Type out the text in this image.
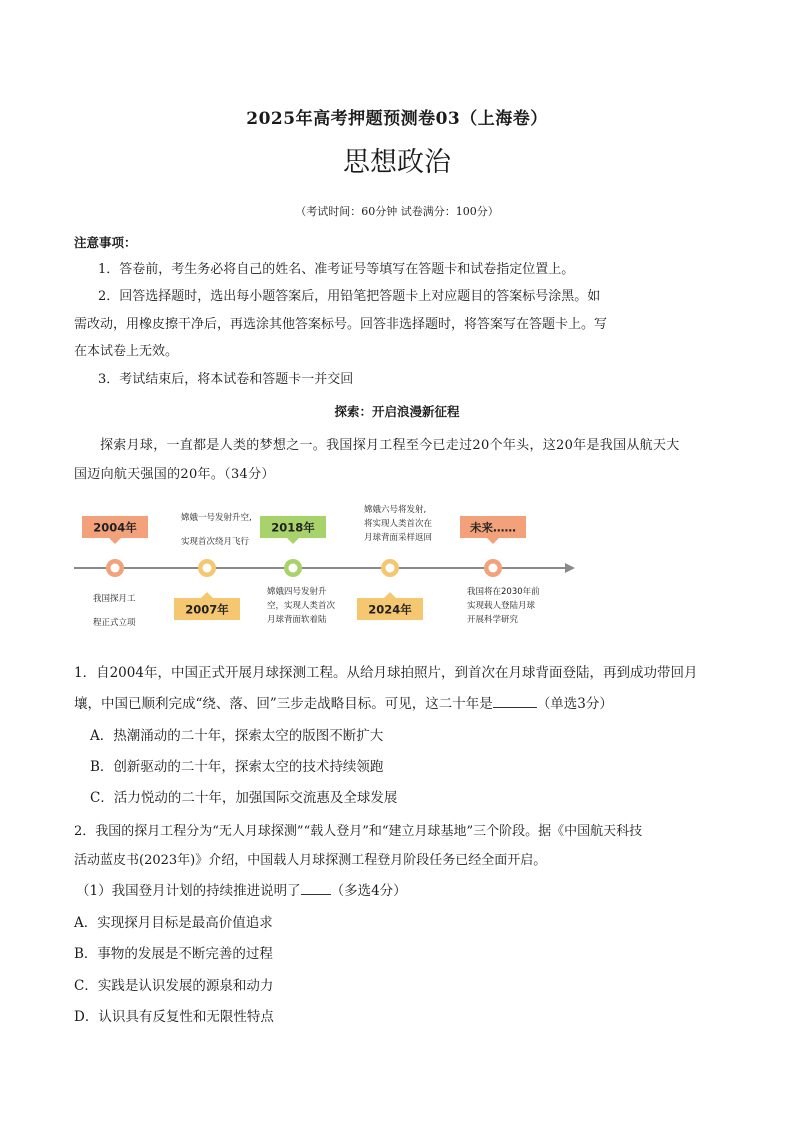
2025年高考押题预测卷03（上海卷）
思想政治
（考试时间：60分钟 试卷满分：100分）
注意事项：
1．答卷前，考生务必将自己的姓名、准考证号等填写在答题卡和试卷指定位置上。
2．回答选择题时，选出每小题答案后，用铅笔把答题卡上对应题目的答案标号涂黑。如
需改动，用橡皮擦干净后，再选涂其他答案标号。回答非选择题时，将答案写在答题卡上。写
在本试卷上无效。
3．考试结束后，将本试卷和答题卡一并交回
探索：开启浪漫新征程
探索月球，一直都是人类的梦想之一。我国探月工程至今已走过20个年头，这20年是我国从航天大
国迈向航天强国的20年。（34分）
2004年
我国探月工
程正式立项
2007年
嫦娥一号发射升空,
实现首次绕月飞行
2018年
嫦娥四号发射升
空，实现人类首次
月球背面软着陆
2024年
嫦娥六号将发射,
将实现人类首次在
月球背面采样返回
未来……
我国将在2030年前
实现载人登陆月球
开展科学研究
1．自2004年，中国正式开展月球探测工程。从给月球拍照片，到首次在月球背面登陆，再到成功带回月
壤，中国已顺利完成“绕、落、回”三步走战略目标。可见，这二十年是	（单选3分）
A．热潮涌动的二十年，探索太空的版图不断扩大
B．创新驱动的二十年，探索太空的技术持续领跑
C．活力悦动的二十年，加强国际交流惠及全球发展
2．我国的探月工程分为“无人月球探测”“载人登月”和“建立月球基地”三个阶段。据《中国航天科技
活动蓝皮书(2023年)》介绍，中国载人月球探测工程登月阶段任务已经全面开启。
（1）我国登月计划的持续推进说明了 （多选4分）
A．实现探月目标是最高价值追求
B．事物的发展是不断完善的过程
C．实践是认识发展的源泉和动力
D．认识具有反复性和无限性特点
